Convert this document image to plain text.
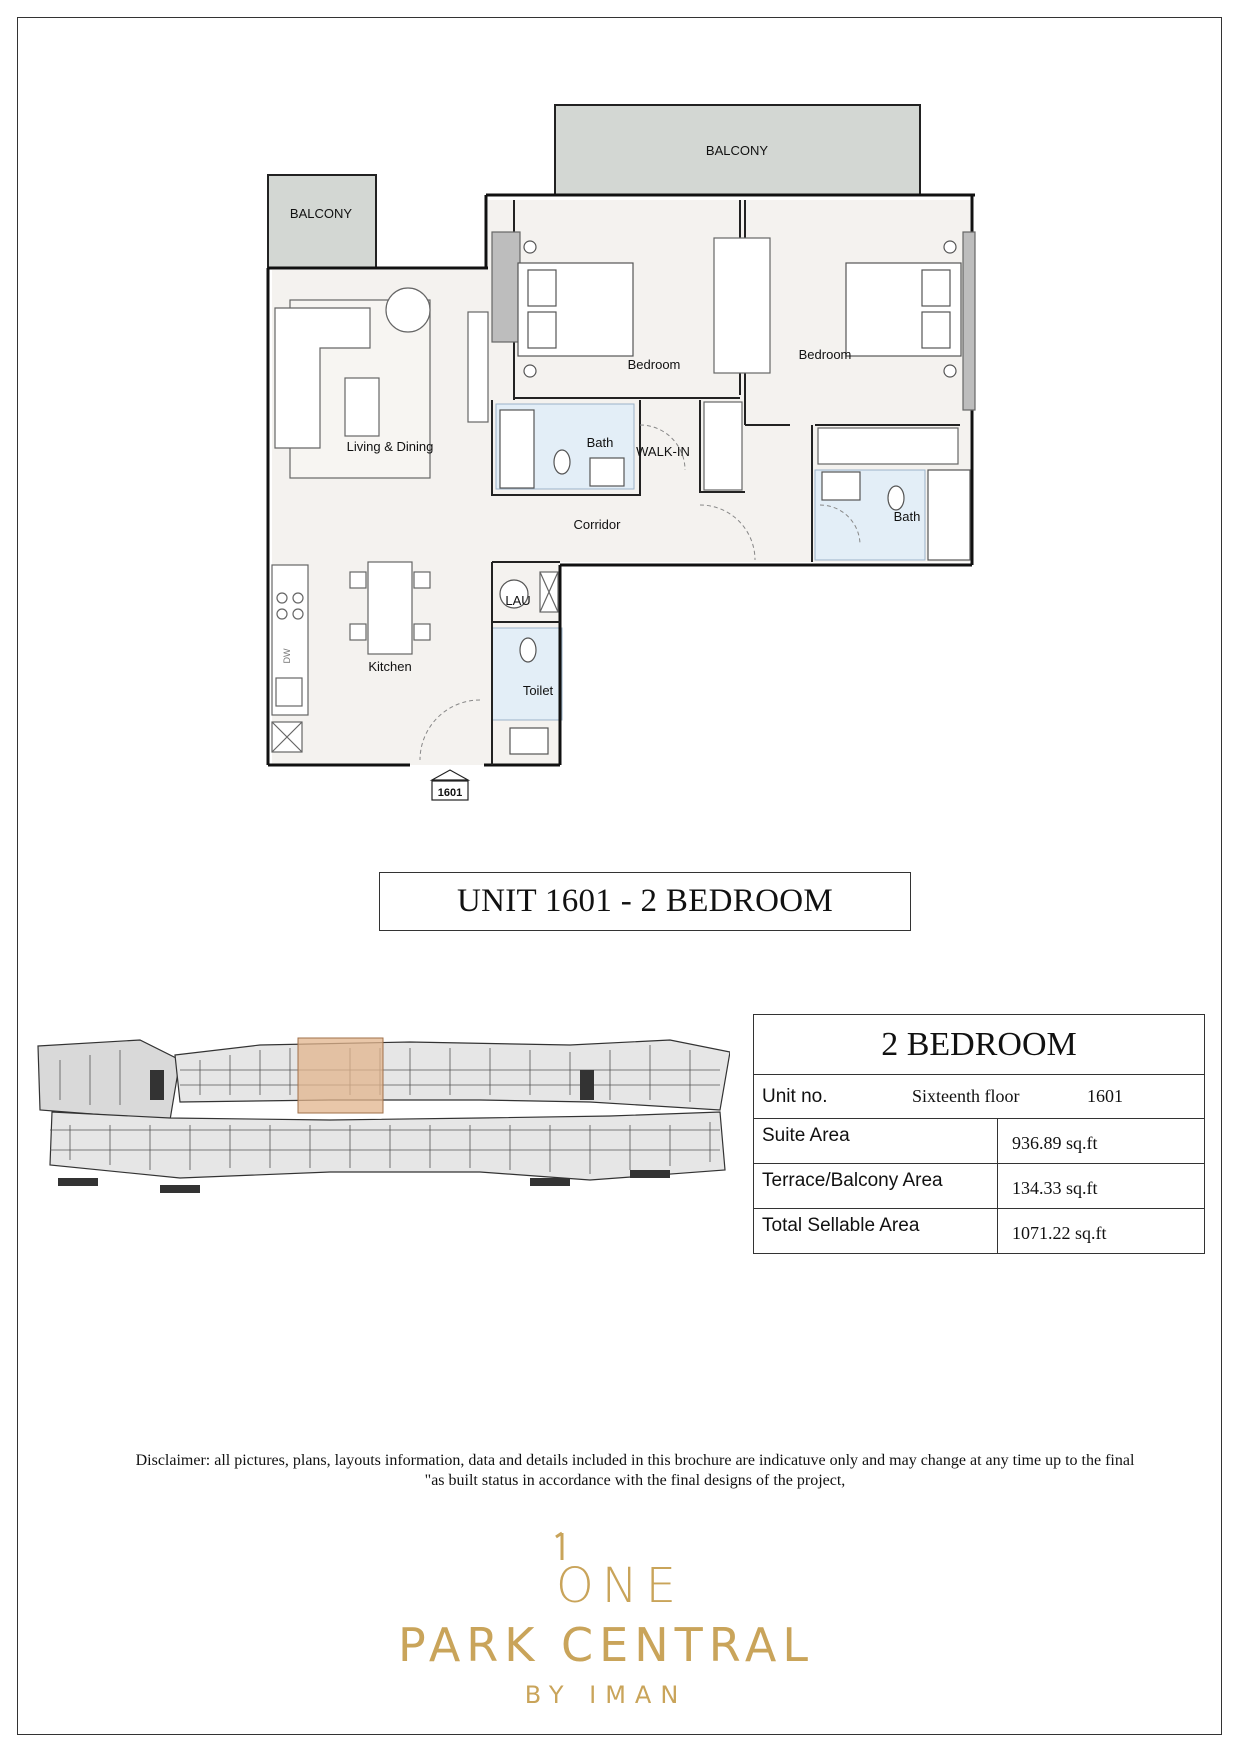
1601
BALCONY
BALCONY
Bedroom
Bedroom
Living & Dining	Bath
WALK-IN
Bath
Corridor
LAU
Kitchen
Toilet
DW
UNIT 1601 - 2 BEDROOM
2 BEDROOM
Unit no.	Sixteenth floor	1601
Suite Area	936.89 sq.ft
Terrace/Balcony Area	134.33 sq.ft
Total Sellable Area	1071.22 sq.ft
Disclaimer: all pictures, plans, layouts information, data and details included in this brochure are indicatuve only and may change at any time up to the final
"as built status in accordance with the final designs of the project,
ONE
PARK CENTRAL
BY IMAN
